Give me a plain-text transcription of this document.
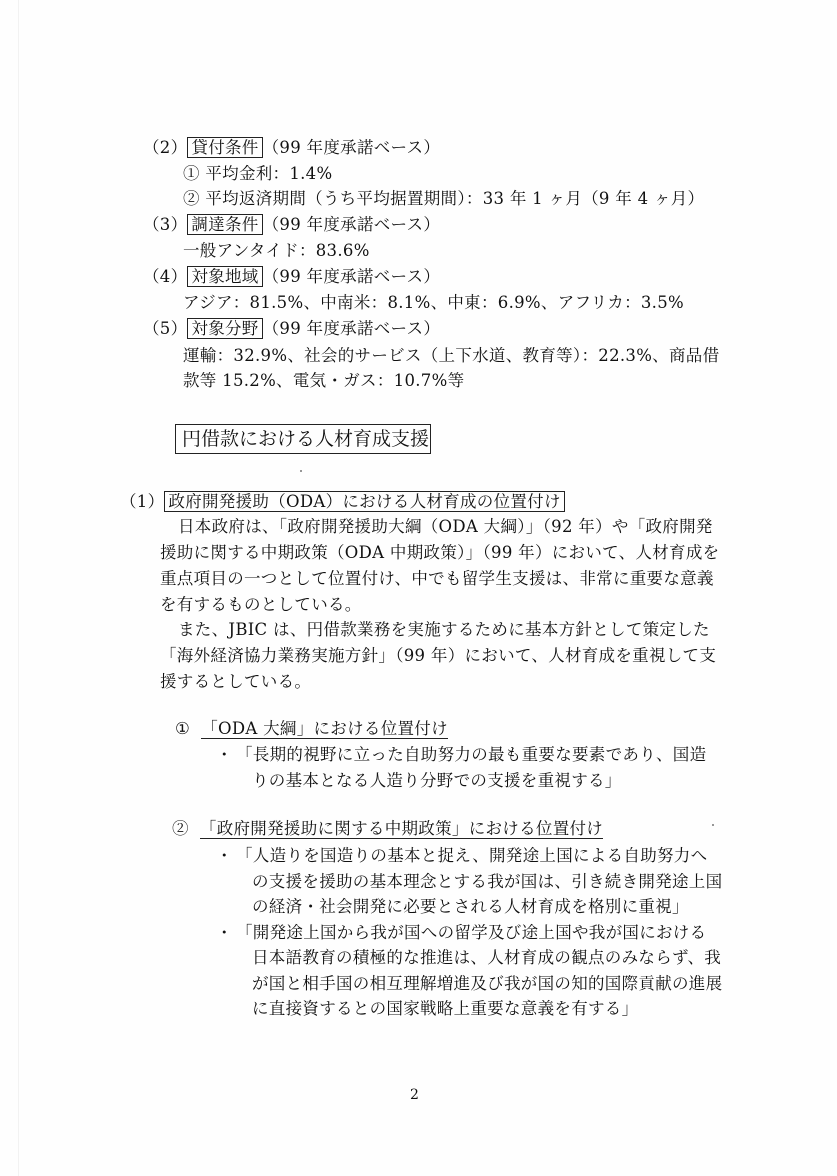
（2） 貸付条件 （99 年度承諾ベース）
① 平均金利：1.4%
② 平均返済期間（うち平均据置期間）：33 年 1 ヶ月（9 年 4 ヶ月）
（3） 調達条件 （99 年度承諾ベース）
一般アンタイド：83.6%
（4） 対象地域 （99 年度承諾ベース）
アジア：81.5%、中南米：8.1%、中東：6.9%、アフリカ：3.5%
（5） 対象分野 （99 年度承諾ベース）
運輸：32.9%、社会的サービス（上下水道、教育等）：22.3%、商品借
款等 15.2%、電気・ガス：10.7%等
円借款における人材育成支援
（1） 政府開発援助（ODA）における人材育成の位置付け
日本政府は、「政府開発援助大綱（ODA 大綱）」（92 年）や「政府開発
援助に関する中期政策（ODA 中期政策）」（99 年）において、人材育成を
重点項目の一つとして位置付け、中でも留学生支援は、非常に重要な意義
を有するものとしている。
また、JBIC は、円借款業務を実施するために基本方針として策定した
「海外経済協力業務実施方針」（99 年）において、人材育成を重視して支
援するとしている。
① 「ODA 大綱」における位置付け
・ 「長期的視野に立った自助努力の最も重要な要素であり、国造
りの基本となる人造り分野での支援を重視する」
② 「政府開発援助に関する中期政策」における位置付け
・ 「人造りを国造りの基本と捉え、開発途上国による自助努力へ
の支援を援助の基本理念とする我が国は、引き続き開発途上国
の経済・社会開発に必要とされる人材育成を格別に重視」
・ 「開発途上国から我が国への留学及び途上国や我が国における
日本語教育の積極的な推進は、人材育成の観点のみならず、我
が国と相手国の相互理解増進及び我が国の知的国際貢献の進展
に直接資するとの国家戦略上重要な意義を有する」
2
